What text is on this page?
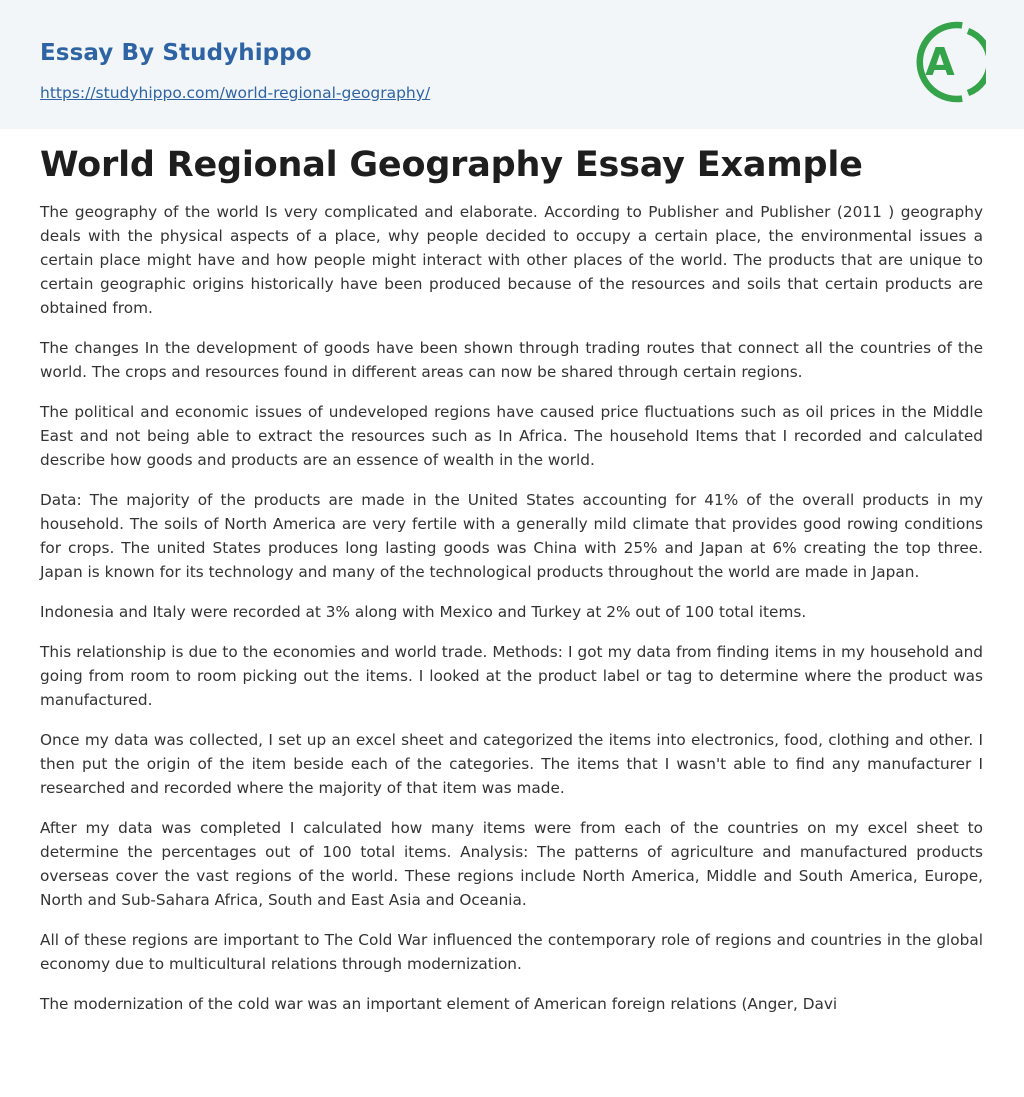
Essay By Studyhippo
https://studyhippo.com/world-regional-geography/
A
World Regional Geography Essay Example

The geography of the world Is very complicated and elaborate. According to Publisher and Publisher (2011 ) geography deals with the physical aspects of a place, why people decided to occupy a certain place, the environmental issues a certain place might have and how people might interact with other places of the world. The products that are unique to certain geographic origins historically have been produced because of the resources and soils that certain products are obtained from.

The changes In the development of goods have been shown through trading routes that connect all the countries of the world. The crops and resources found in different areas can now be shared through certain regions.

The political and economic issues of undeveloped regions have caused price fluctuations such as oil prices in the Middle East and not being able to extract the resources such as In Africa. The household Items that I recorded and calculated describe how goods and products are an essence of wealth in the world.

Data: The majority of the products are made in the United States accounting for 41% of the overall products in my household. The soils of North America are very fertile with a generally mild climate that provides good rowing conditions for crops. The united States produces long lasting goods was China with 25% and Japan at 6% creating the top three. Japan is known for its technology and many of the technological products throughout the world are made in Japan.

Indonesia and Italy were recorded at 3% along with Mexico and Turkey at 2% out of 100 total items.

This relationship is due to the economies and world trade. Methods: I got my data from finding items in my household and going from room to room picking out the items. I looked at the product label or tag to determine where the product was manufactured.

Once my data was collected, I set up an excel sheet and categorized the items into electronics, food, clothing and other. I then put the origin of the item beside each of the categories. The items that I wasn't able to find any manufacturer I researched and recorded where the majority of that item was made.

After my data was completed I calculated how many items were from each of the countries on my excel sheet to determine the percentages out of 100 total items. Analysis: The patterns of agriculture and manufactured products overseas cover the vast regions of the world. These regions include North America, Middle and South America, Europe, North and Sub-Sahara Africa, South and East Asia and Oceania.

All of these regions are important to The Cold War influenced the contemporary role of regions and countries in the global economy due to multicultural relations through modernization.

The modernization of the cold war was an important element of American foreign relations (Anger, Davi
